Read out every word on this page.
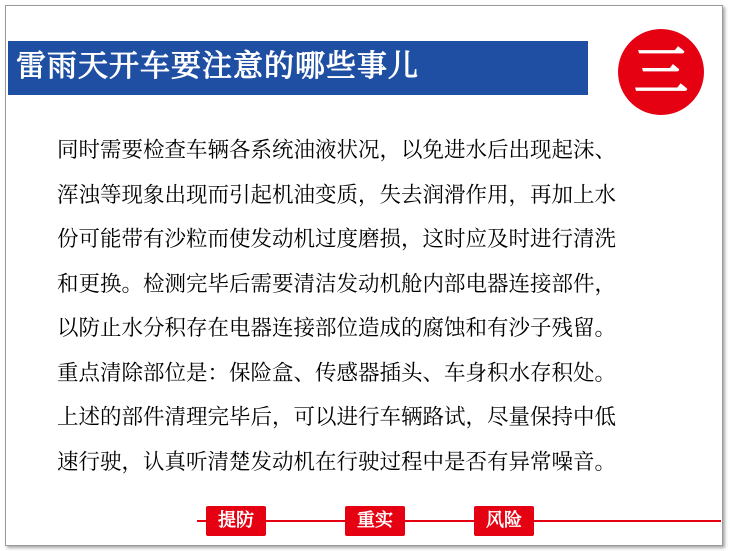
雷雨天开车要注意的哪些事儿	三
同时需要检查车辆各系统油液状况，以免进水后出现起沫、
浑浊等现象出现而引起机油变质，失去润滑作用，再加上水
份可能带有沙粒而使发动机过度磨损，这时应及时进行清洗
和更换。检测完毕后需要清洁发动机舱内部电器连接部件，
以防止水分积存在电器连接部位造成的腐蚀和有沙子残留。
重点清除部位是：保险盒、传感器插头、车身积水存积处。
上述的部件清理完毕后，可以进行车辆路试，尽量保持中低
速行驶，认真听清楚发动机在行驶过程中是否有异常噪音。
提防	重实	风险
